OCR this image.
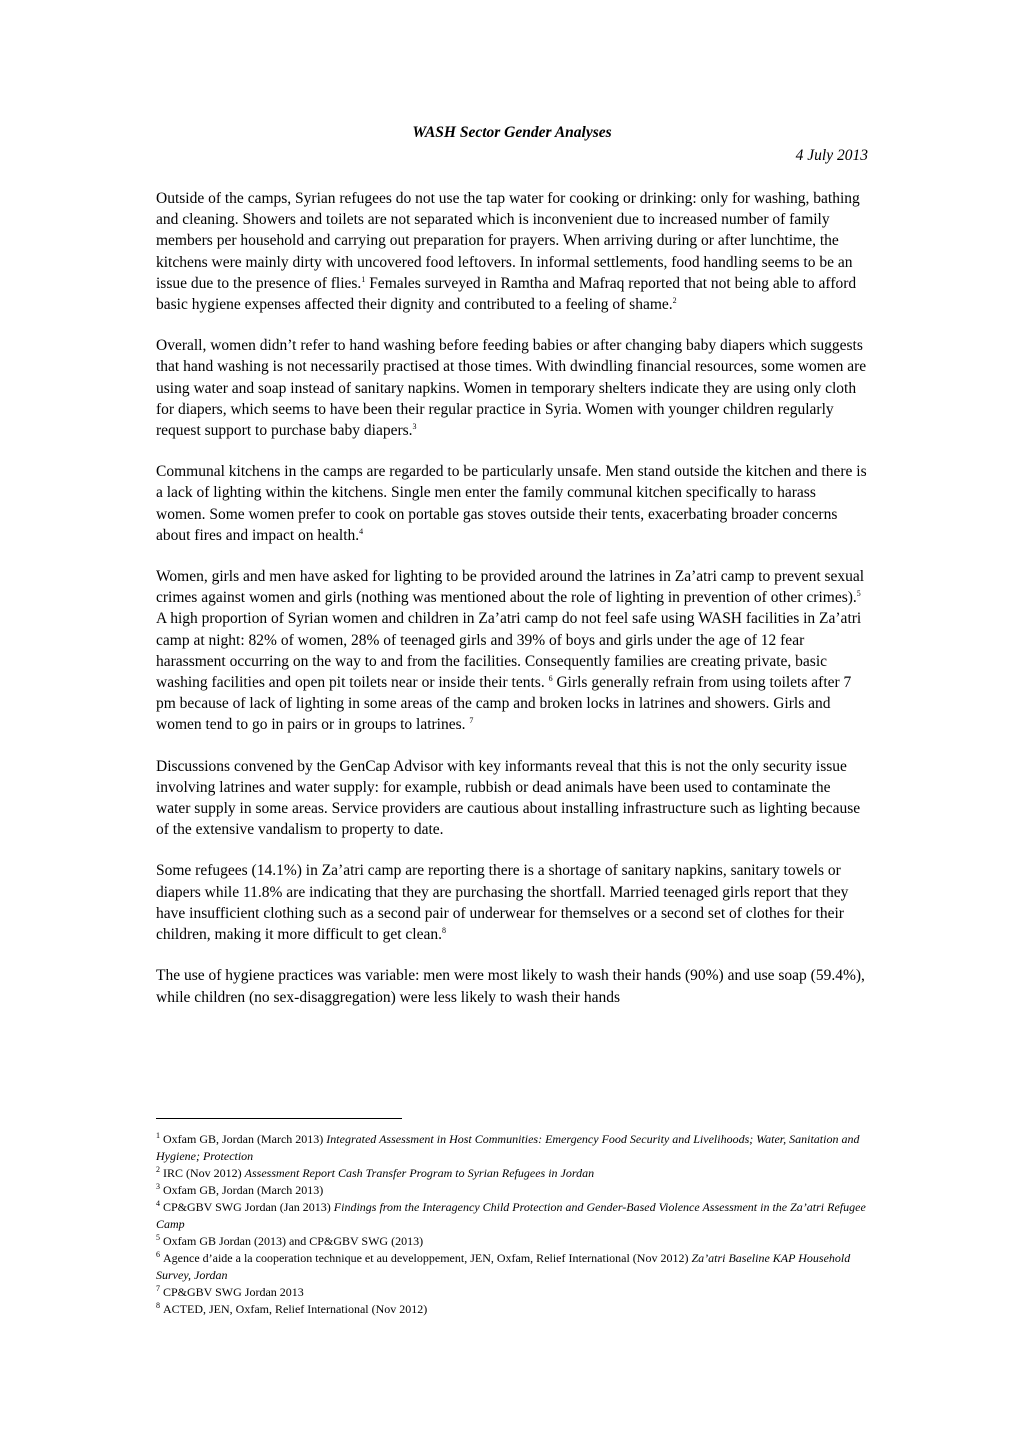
WASH Sector Gender Analyses
4 July 2013

Outside of the camps, Syrian refugees do not use the tap water for cooking or drinking: only for washing, bathing and cleaning. Showers and toilets are not separated which is inconvenient due to increased number of family members per household and carrying out preparation for prayers. When arriving during or after lunchtime, the kitchens were mainly dirty with uncovered food leftovers. In informal settlements, food handling seems to be an issue due to the presence of flies.$^1$ Females surveyed in Ramtha and Mafraq reported that not being able to afford basic hygiene expenses affected their dignity and contributed to a feeling of shame.$^2$

Overall, women didn’t refer to hand washing before feeding babies or after changing baby diapers which suggests that hand washing is not necessarily practised at those times. With dwindling financial resources, some women are using water and soap instead of sanitary napkins. Women in temporary shelters indicate they are using only cloth for diapers, which seems to have been their regular practice in Syria. Women with younger children regularly request support to purchase baby diapers.$^3$

Communal kitchens in the camps are regarded to be particularly unsafe. Men stand outside the kitchen and there is a lack of lighting within the kitchens. Single men enter the family communal kitchen specifically to harass women. Some women prefer to cook on portable gas stoves outside their tents, exacerbating broader concerns about fires and impact on health.$^4$

Women, girls and men have asked for lighting to be provided around the latrines in Za’atri camp to prevent sexual crimes against women and girls (nothing was mentioned about the role of lighting in prevention of other crimes).$^5$ A high proportion of Syrian women and children in Za’atri camp do not feel safe using WASH facilities in Za’atri camp at night: 82% of women, 28% of teenaged girls and 39% of boys and girls under the age of 12 fear harassment occurring on the way to and from the facilities. Consequently families are creating private, basic washing facilities and open pit toilets near or inside their tents. $^6$ Girls generally refrain from using toilets after 7 pm because of lack of lighting in some areas of the camp and broken locks in latrines and showers. Girls and women tend to go in pairs or in groups to latrines. $^7$

Discussions convened by the GenCap Advisor with key informants reveal that this is not the only security issue involving latrines and water supply: for example, rubbish or dead animals have been used to contaminate the water supply in some areas. Service providers are cautious about installing infrastructure such as lighting because of the extensive vandalism to property to date.

Some refugees (14.1%) in Za’atri camp are reporting there is a shortage of sanitary napkins, sanitary towels or diapers while 11.8% are indicating that they are purchasing the shortfall. Married teenaged girls report that they have insufficient clothing such as a second pair of underwear for themselves or a second set of clothes for their children, making it more difficult to get clean.$^8$

The use of hygiene practices was variable: men were most likely to wash their hands (90%) and use soap (59.4%), while children (no sex-disaggregation) were less likely to wash their hands

$^1$ Oxfam GB, Jordan (March 2013) Integrated Assessment in Host Communities: Emergency Food Security and Livelihoods; Water, Sanitation and Hygiene; Protection
$^2$ IRC (Nov 2012) Assessment Report Cash Transfer Program to Syrian Refugees in Jordan
$^3$ Oxfam GB, Jordan (March 2013)
$^4$ CP&GBV SWG Jordan (Jan 2013) Findings from the Interagency Child Protection and Gender-Based Violence Assessment in the Za’atri Refugee Camp
$^5$ Oxfam GB Jordan (2013) and CP&GBV SWG (2013)
$^6$ Agence d’aide a la cooperation technique et au developpement, JEN, Oxfam, Relief International (Nov 2012) Za’atri Baseline KAP Household Survey, Jordan
$^7$ CP&GBV SWG Jordan 2013
$^8$ ACTED, JEN, Oxfam, Relief International (Nov 2012)
